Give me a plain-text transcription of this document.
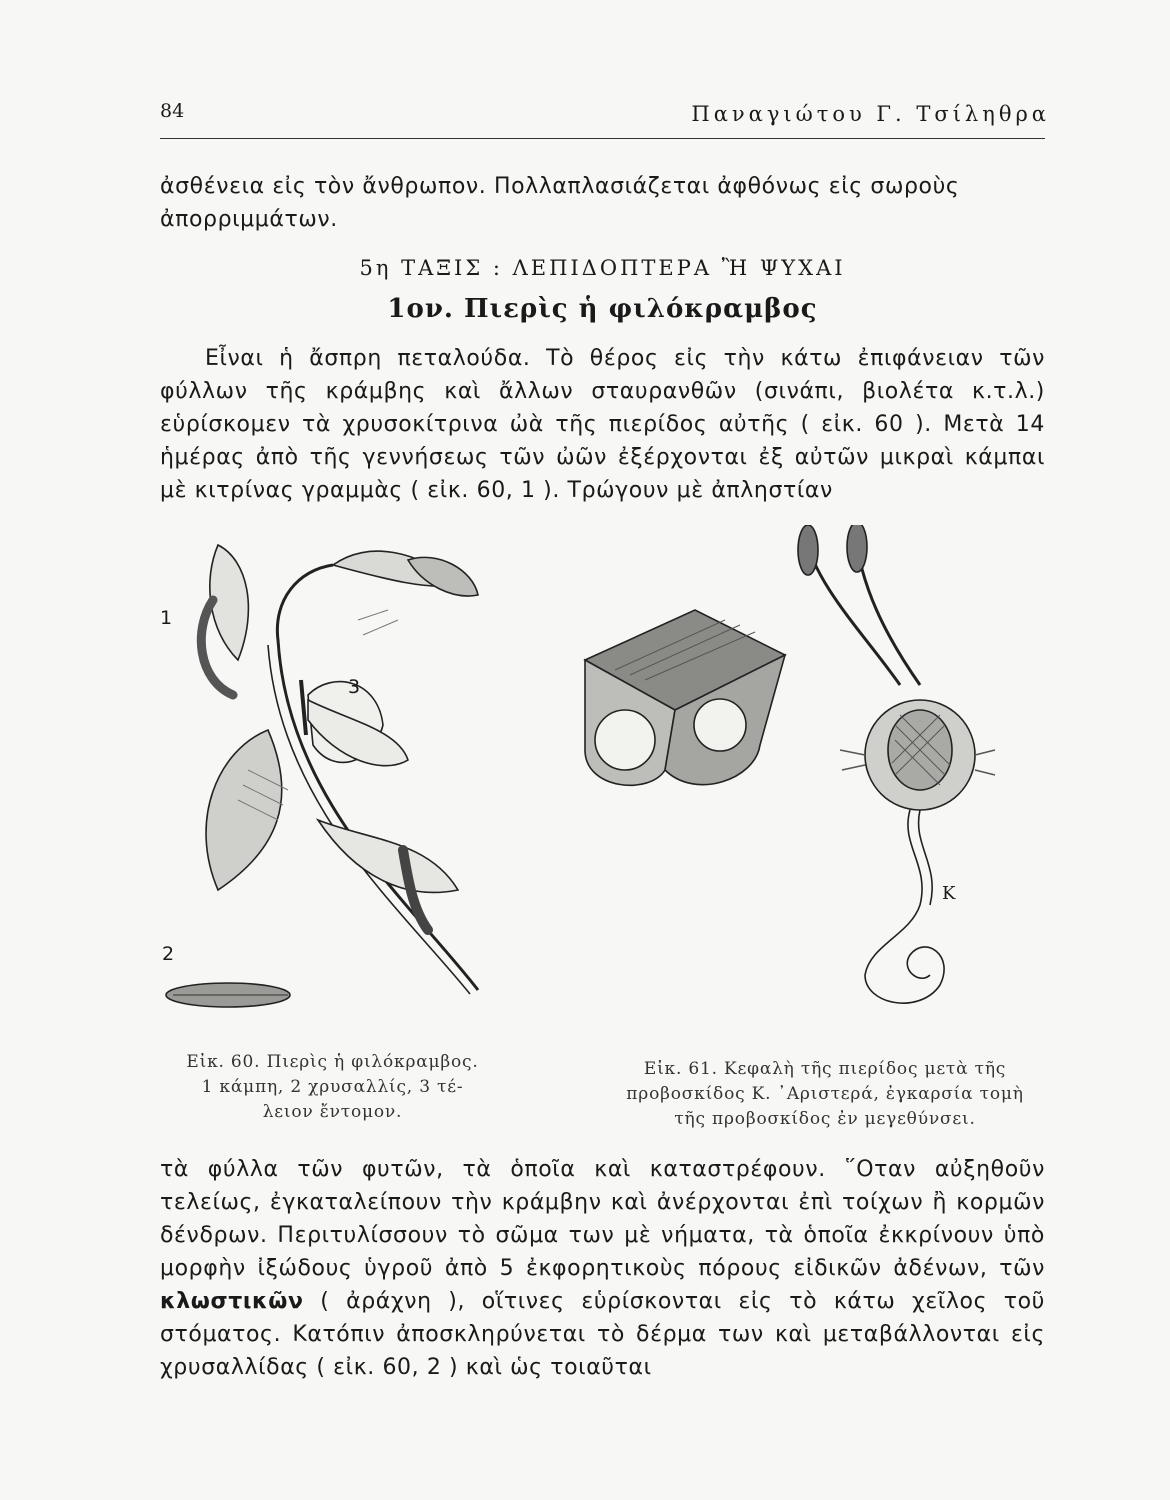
84	Παναγιώτου Γ. Τσίληθρα

ἀσθένεια εἰς τὸν ἄνθρωπον. Πολλαπλασιάζεται ἀφθόνως εἰς σωροὺς

ἀπορριμμάτων.

5η ΤΑΞΙΣ : ΛΕΠΙΔΟΠΤΕΡΑ Ἢ ΨΥΧΑΙ
1ον. Πιερὶς ἡ φιλόκραμβος

Εἶναι ἡ ἄσπρη πεταλούδα. Τὸ θέρος εἰς τὴν κάτω ἐπιφάνειαν τῶν φύλλων τῆς κράμβης καὶ ἄλλων σταυρανθῶν (σινάπι, βιολέτα κ.τ.λ.) εὑρίσκομεν τὰ χρυσοκίτρινα ὠὰ τῆς πιερίδος αὐτῆς ( εἰκ. 60 ). Μετὰ 14 ἡμέρας ἀπὸ τῆς γεννήσεως τῶν ὠῶν ἐξέρχονται ἐξ αὐτῶν μικραὶ κάμπαι μὲ κιτρίνας γραμμὰς ( εἰκ. 60, 1 ). Τρώγουν μὲ ἀπληστίαν

1
2
3
Κ
Εἰκ. 60. Πιερὶς ἡ φιλόκραμβος.
1 κάμπη, 2 χρυσαλλίς, 3 τέ-
λειον ἔντομον.
Εἰκ. 61. Κεφαλὴ τῆς πιερίδος μετὰ τῆς
προβοσκίδος Κ. ᾿Αριστερά, ἐγκαρσία τομὴ
τῆς προβοσκίδος ἐν μεγεθύνσει.

τὰ φύλλα τῶν φυτῶν, τὰ ὁποῖα καὶ καταστρέφουν. ῞Οταν αὐξηθοῦν τελείως, ἐγκαταλείπουν τὴν κράμβην καὶ ἀνέρχονται ἐπὶ τοίχων ἢ κορμῶν δένδρων. Περιτυλίσσουν τὸ σῶμα των μὲ νήματα, τὰ ὁποῖα ἐκκρίνουν ὑπὸ μορφὴν ἰξώδους ὑγροῦ ἀπὸ 5 ἐκφορητικοὺς πόρους εἰδικῶν ἀδένων, τῶν κλωστικῶν ( ἀράχνη ), οἵτινες εὑρίσκονται εἰς τὸ κάτω χεῖλος τοῦ στόματος. Κατόπιν ἀποσκληρύνεται τὸ δέρμα των καὶ μεταβάλλονται εἰς χρυσαλλίδας ( εἰκ. 60, 2 ) καὶ ὡς τοιαῦται
